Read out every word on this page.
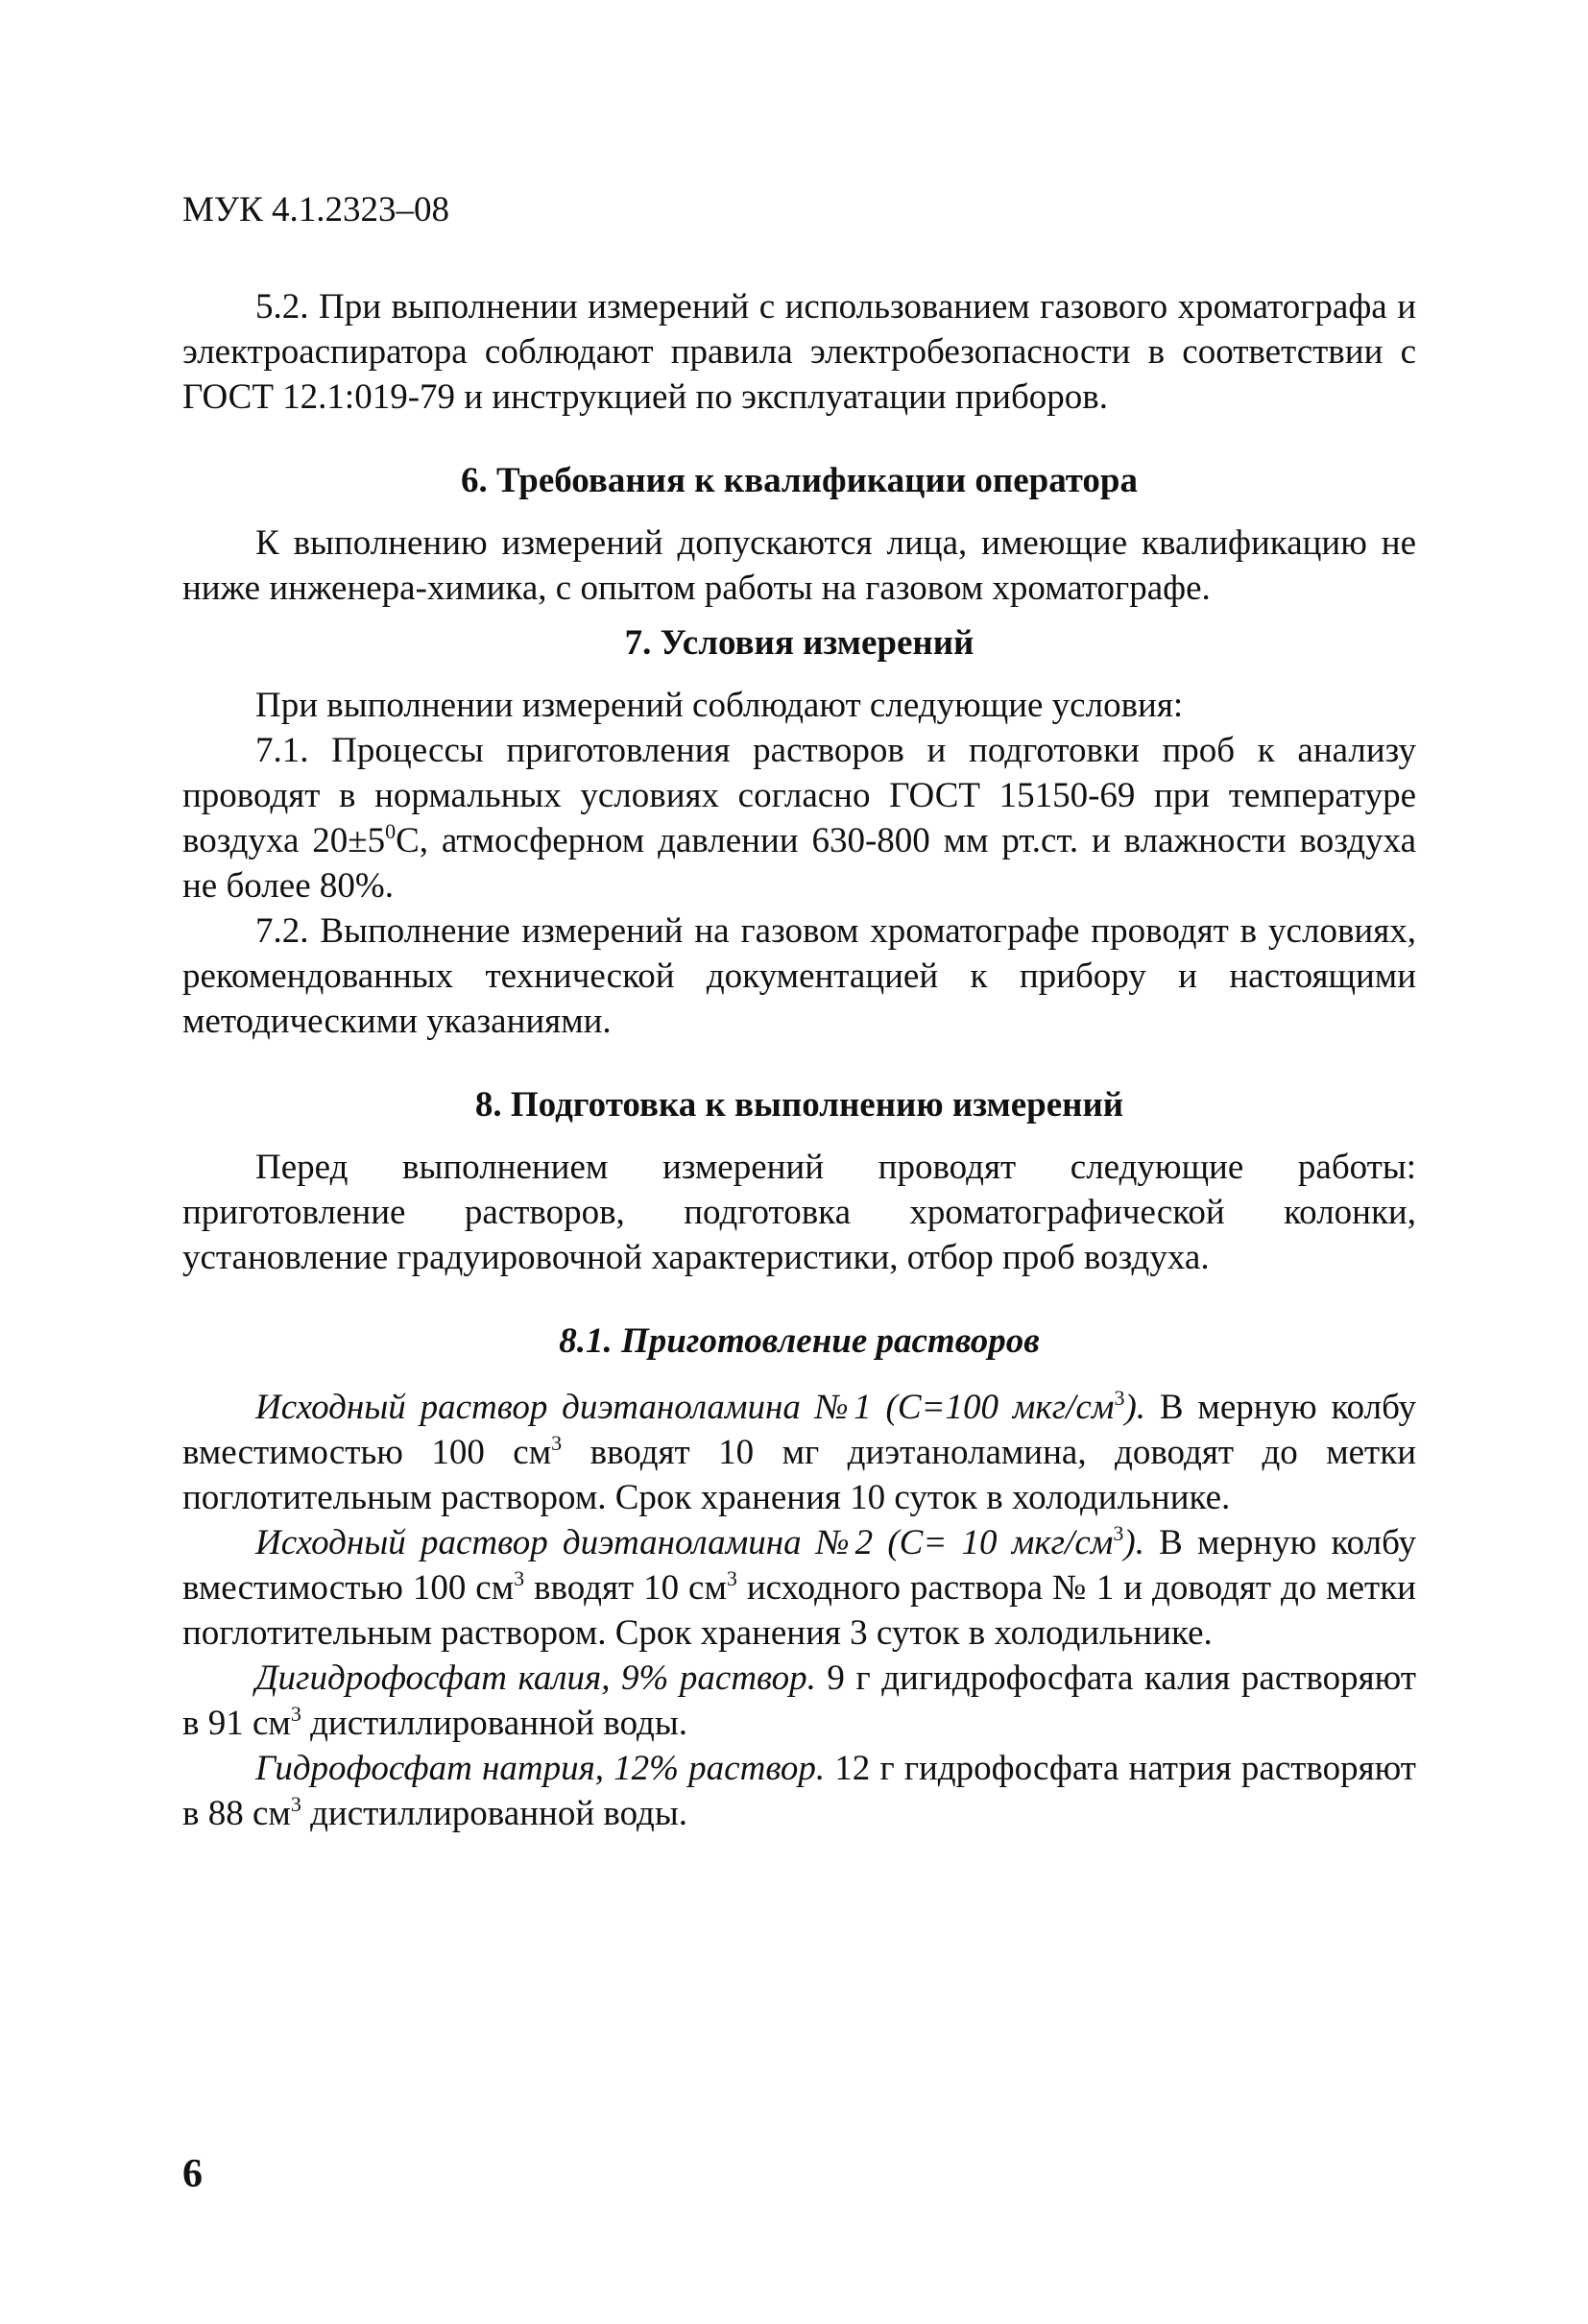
МУК 4.1.2323–08

5.2. При выполнении измерений с использованием газового хроматографа и электроаспиратора соблюдают правила электробезопасности в соответствии с ГОСТ 12.1:019-79 и инструкцией по эксплуатации приборов.

6. Требования к квалификации оператора

К выполнению измерений допускаются лица, имеющие квалификацию не ниже инженера-химика, с опытом работы на газовом хроматографе.

7. Условия измерений

При выполнении измерений соблюдают следующие условия:

7.1. Процессы приготовления растворов и подготовки проб к анализу проводят в нормальных условиях согласно ГОСТ 15150-69 при температуре воздуха $20\pm 5^0С$, атмосферном давлении 630-800 мм рт.ст. и влажности воздуха не более 80%.

7.2. Выполнение измерений на газовом хроматографе проводят в условиях, рекомендованных технической документацией к прибору и настоящими методическими указаниями.

8. Подготовка к выполнению измерений

Перед выполнением измерений проводят следующие работы: приготовление растворов, подготовка хроматографической колонки, установление градуировочной характеристики, отбор проб воздуха.

8.1. Приготовление растворов

Исходный раствор диэтаноламина №1 (С=100 мкг/$см^3$). В мерную колбу вместимостью 100 $см^3$ вводят 10 мг диэтаноламина, доводят до метки поглотительным раствором. Срок хранения 10 суток в холодильнике.

Исходный раствор диэтаноламина №2 (С= 10 мкг/$см^3$). В мерную колбу вместимостью 100 $см^3$ вводят 10 $см^3$ исходного раствора № 1 и доводят до метки поглотительным раствором. Срок хранения 3 суток в холодильнике.

Дигидрофосфат калия, 9% раствор. 9 г дигидрофосфата калия растворяют в 91 $см^3$ дистиллированной воды.

Гидрофосфат натрия, 12% раствор. 12 г гидрофосфата натрия растворяют в 88 $см^3$ дистиллированной воды.

6
